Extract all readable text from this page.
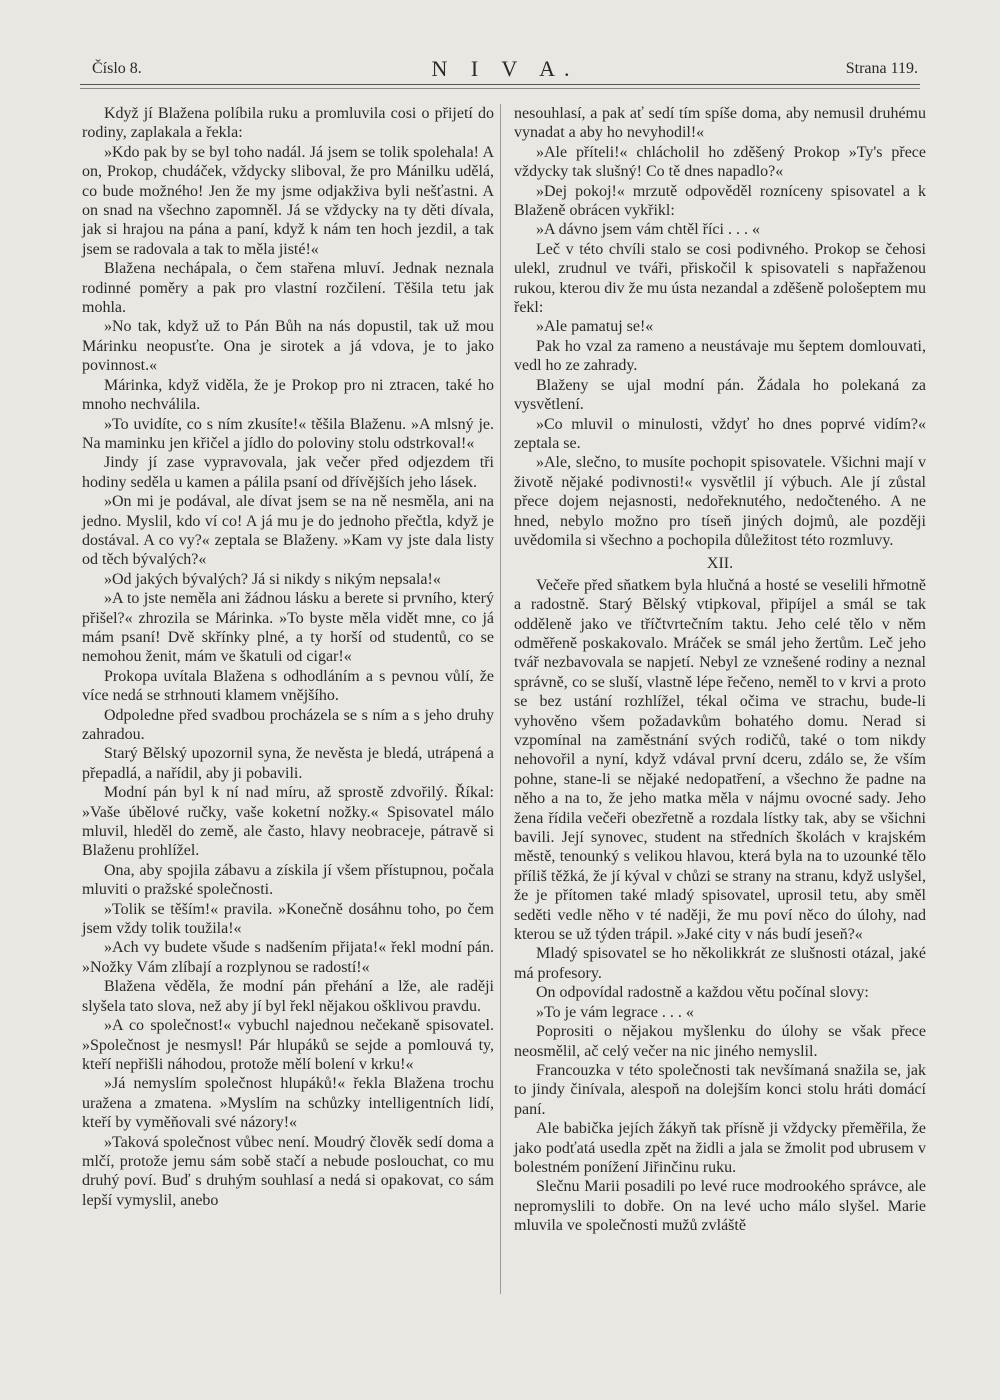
Číslo 8.	N I V A.	Strana 119.

Když jí Blažena políbila ruku a promluvila cosi o přijetí do rodiny, zaplakala a řekla:

»Kdo pak by se byl toho nadál. Já jsem se tolik spolehala! A on, Prokop, chudáček, vždycky sliboval, že pro Mánilku udělá, co bude možného! Jen že my jsme odjakživa byli nešťastni. A on snad na všechno zapomněl. Já se vždycky na ty děti dívala, jak si hrajou na pána a paní, když k nám ten hoch jezdil, a tak jsem se radovala a tak to měla jisté!«

Blažena nechápala, o čem stařena mluví. Jednak neznala rodinné poměry a pak pro vlastní rozčilení. Těšila tetu jak mohla.

»No tak, když už to Pán Bůh na nás dopustil, tak už mou Márinku neopusťte. Ona je sirotek a já vdova, je to jako povinnost.«

Márinka, když viděla, že je Prokop pro ni ztracen, také ho mnoho nechválila.

»To uvidíte, co s ním zkusíte!« těšila Blaženu. »A mlsný je. Na maminku jen křičel a jídlo do poloviny stolu odstrkoval!«

Jindy jí zase vypravovala, jak večer před odjezdem tři hodiny seděla u kamen a pálila psaní od dřívějších jeho lásek.

»On mi je podával, ale dívat jsem se na ně nesměla, ani na jedno. Myslil, kdo ví co! A já mu je do jednoho přečtla, když je dostával. A co vy?« zeptala se Blaženy. »Kam vy jste dala listy od těch bývalých?«

»Od jakých bývalých? Já si nikdy s nikým nepsala!«

»A to jste neměla ani žádnou lásku a berete si prvního, který přišel?« zhrozila se Márinka. »To byste měla vidět mne, co já mám psaní! Dvě skřínky plné, a ty horší od studentů, co se nemohou ženit, mám ve škatuli od cigar!«

Prokopa uvítala Blažena s odhodláním a s pevnou vůlí, že více nedá se strhnouti klamem vnějšího.

Odpoledne před svadbou procházela se s ním a s jeho druhy zahradou.

Starý Bělský upozornil syna, že nevěsta je bledá, utrápená a přepadlá, a nařídil, aby ji pobavili.

Modní pán byl k ní nad míru, až sprostě zdvořilý. Říkal: »Vaše úbělové ručky, vaše koketní nožky.« Spisovatel málo mluvil, hleděl do země, ale často, hlavy neobraceje, pátravě si Blaženu prohlížel.

Ona, aby spojila zábavu a získila jí všem přístupnou, počala mluviti o pražské společnosti.

»Tolik se těším!« pravila. »Konečně dosáhnu toho, po čem jsem vždy tolik toužila!«

»Ach vy budete všude s nadšením přijata!« řekl modní pán. »Nožky Vám zlíbají a rozplynou se radostí!«

Blažena věděla, že modní pán přehání a lže, ale raději slyšela tato slova, než aby jí byl řekl nějakou ošklivou pravdu.

»A co společnost!« vybuchl najednou nečekaně spisovatel. »Společnost je nesmysl! Pár hlupáků se sejde a pomlouvá ty, kteří nepřišli náhodou, protože mělí bolení v krku!«

»Já nemyslím společnost hlupáků!« řekla Blažena trochu uražena a zmatena. »Myslím na schůzky intelligentních lidí, kteří by vyměňovali své názory!«

»Taková společnost vůbec není. Moudrý člověk sedí doma a mlčí, protože jemu sám sobě stačí a nebude poslouchat, co mu druhý poví. Buď s druhým souhlasí a nedá si opakovat, co sám lepší vymyslil, anebo

nesouhlasí, a pak ať sedí tím spíše doma, aby nemusil druhému vynadat a aby ho nevyhodil!«

»Ale příteli!« chlácholil ho zděšený Prokop »Ty's přece vždycky tak slušný! Co tě dnes napadlo?«

»Dej pokoj!« mrzutě odpověděl rozníceny spisovatel a k Blaženě obrácen vykřikl:

»A dávno jsem vám chtěl říci . . . «

Leč v této chvíli stalo se cosi podivného. Prokop se čehosi ulekl, zrudnul ve tváři, přiskočil k spisovateli s napřaženou rukou, kterou div že mu ústa nezandal a zděšeně pološeptem mu řekl:

»Ale pamatuj se!«

Pak ho vzal za rameno a neustávaje mu šeptem domlouvati, vedl ho ze zahrady.

Blaženy se ujal modní pán. Žádala ho polekaná za vysvětlení.

»Co mluvil o minulosti, vždyť ho dnes poprvé vidím?« zeptala se.

»Ale, slečno, to musíte pochopit spisovatele. Všichni mají v životě nějaké podivnosti!« vysvětlil jí výbuch. Ale jí zůstal přece dojem nejasnosti, nedořeknutého, nedočteného. A ne hned, nebylo možno pro tíseň jiných dojmů, ale později uvědomila si všechno a pochopila důležitost této rozmluvy.

XII.

Večeře před sňatkem byla hlučná a hosté se veselili hřmotně a radostně. Starý Bělský vtipkoval, připíjel a smál se tak odděleně jako ve tříčtvrtečním taktu. Jeho celé tělo v něm odměřeně poskakovalo. Mráček se smál jeho žertům. Leč jeho tvář nezbavovala se napjetí. Nebyl ze vznešené rodiny a neznal správně, co se sluší, vlastně lépe řečeno, neměl to v krvi a proto se bez ustání rozhlížel, tékal očima ve strachu, bude-li vyhověno všem požadavkům bohatého domu. Nerad si vzpomínal na zaměstnání svých rodičů, také o tom nikdy nehovořil a nyní, když vdával první dceru, zdálo se, že vším pohne, stane-li se nějaké nedopatření, a všechno že padne na něho a na to, že jeho matka měla v nájmu ovocné sady. Jeho žena řídila večeři obezřetně a rozdala lístky tak, aby se všichni bavili. Její synovec, student na středních školách v krajském městě, tenounký s velikou hlavou, která byla na to uzounké tělo příliš těžká, že jí kýval v chůzi se strany na stranu, když uslyšel, že je přítomen také mladý spisovatel, uprosil tetu, aby směl seděti vedle něho v té naději, že mu poví něco do úlohy, nad kterou se už týden trápil. »Jaké city v nás budí jeseň?«

Mladý spisovatel se ho několikkrát ze slušnosti otázal, jaké má profesory.

On odpovídal radostně a každou větu počínal slovy:

»To je vám legrace . . . «

Poprositi o nějakou myšlenku do úlohy se však přece neosmělil, ač celý večer na nic jiného nemyslil.

Francouzka v této společnosti tak nevšímaná snažila se, jak to jindy činívala, alespoň na dolejším konci stolu hráti domácí paní.

Ale babička jejích žákyň tak přísně ji vždycky přeměřila, že jako podťatá usedla zpět na židli a jala se žmolit pod ubrusem v bolestném ponížení Jiřinčinu ruku.

Slečnu Marii posadili po levé ruce modrookého správce, ale nepromyslili to dobře. On na levé ucho málo slyšel. Marie mluvila ve společnosti mužů zvláště
